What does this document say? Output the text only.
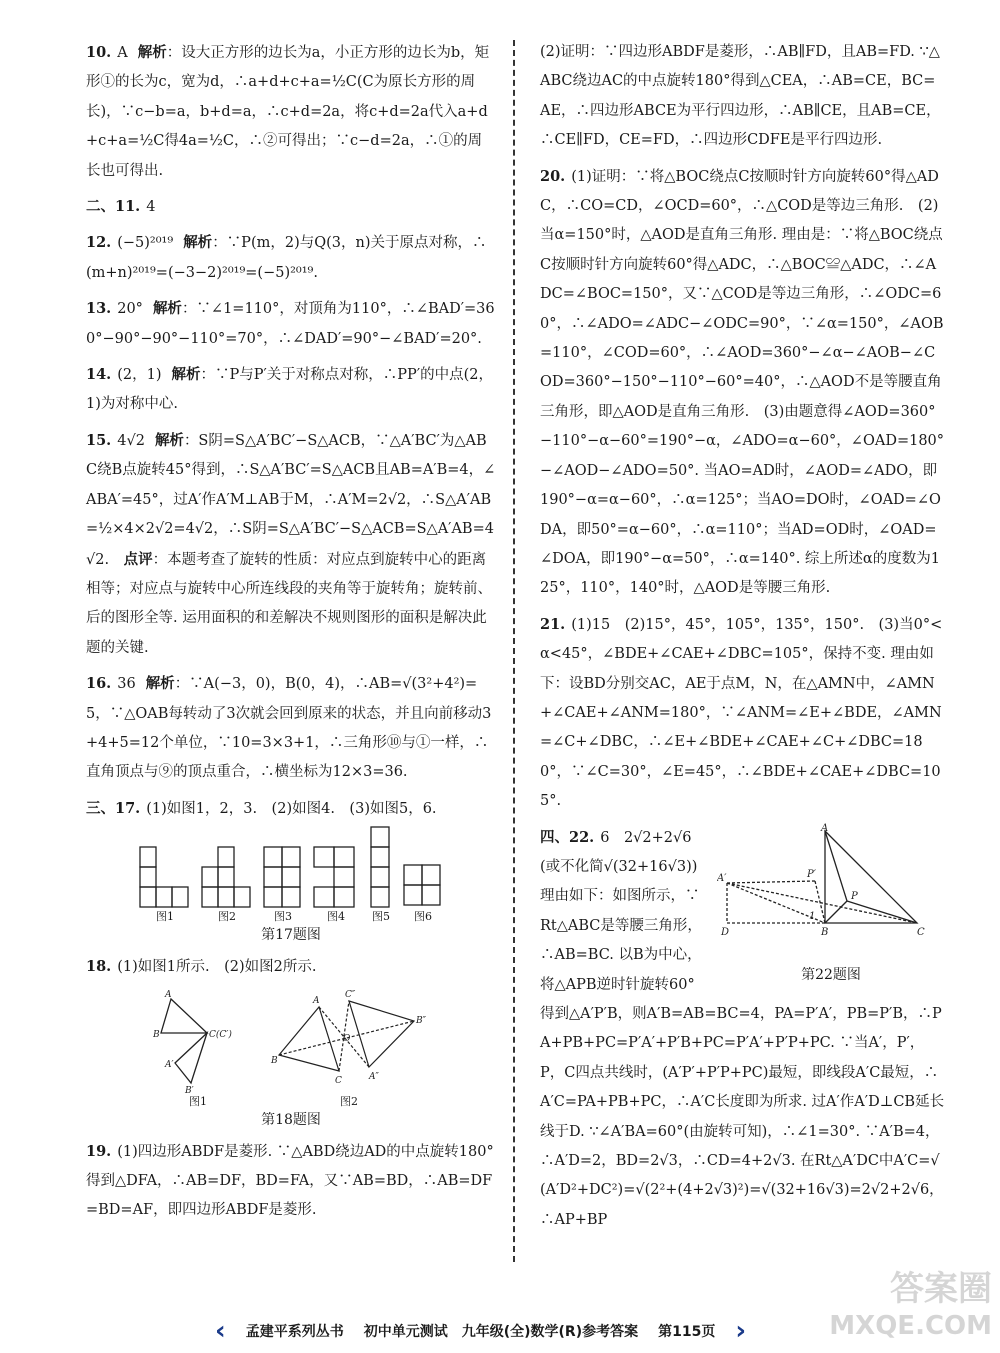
10. A 解析：设大正方形的边长为a，小正方形的边长为b，矩形①的长为c，宽为d，∴a+d+c+a=½C(C为原长方形的周长)，∵c−b=a，b+d=a，∴c+d=2a，将c+d=2a代入a+d+c+a=½C得4a=½C，∴②可得出；∵c−d=2a，∴①的周长也可得出.
二、11. 4
12. (−5)²⁰¹⁹ 解析：∵P(m，2)与Q(3，n)关于原点对称，∴(m+n)²⁰¹⁹=(−3−2)²⁰¹⁹=(−5)²⁰¹⁹.
13. 20° 解析：∵∠1=110°，对顶角为110°，∴∠BAD′=360°−90°−90°−110°=70°，∴∠DAD′=90°−∠BAD′=20°.
14. (2，1) 解析：∵P与P′关于对称点对称，∴PP′的中点(2，1)为对称中心.
15. 4√2 解析：S阴=S△A′BC′−S△ACB，∵△A′BC′为△ABC绕B点旋转45°得到，∴S△A′BC′=S△ACB且AB=A′B=4，∠ABA′=45°，过A′作A′M⊥AB于M，∴A′M=2√2，∴S△A′AB=½×4×2√2=4√2，∴S阴=S△A′BC′−S△ACB=S△A′AB=4√2.　 点评：本题考查了旋转的性质：对应点到旋转中心的距离相等；对应点与旋转中心所连线段的夹角等于旋转角；旋转前、后的图形全等. 运用面积的和差解决不规则图形的面积是解决此题的关键.
16. 36 解析：∵A(−3，0)，B(0，4)，∴AB=√(3²+4²)=5，∵△OAB每转动了3次就会回到原来的状态，并且向前移动3+4+5=12个单位，∵10=3×3+1，∴三角形⑩与①一样，∴直角顶点与⑨的顶点重合，∴横坐标为12×3=36.
三、17. (1)如图1，2，3.　(2)如图4.　(3)如图5，6.
图1	图2	图3	图4 图5 图6
第17题图
18. (1)如图1所示.　(2)如图2所示.
A
B	C(C′)
A′
B′
图1
A
B
C
C″
B″
A″
O
图2
第18题图
19. (1)四边形ABDF是菱形. ∵△ABD绕边AD的中点旋转180°得到△DFA，∴AB=DF，BD=FA，又∵AB=BD，∴AB=DF=BD=AF，即四边形ABDF是菱形.
(2)证明：∵四边形ABDF是菱形，∴AB∥FD，且AB=FD. ∵△ABC绕边AC的中点旋转180°得到△CEA，∴AB=CE，BC=AE，∴四边形ABCE为平行四边形，∴AB∥CE，且AB=CE，∴CE∥FD，CE=FD，∴四边形CDFE是平行四边形.
20. (1)证明：∵将△BOC绕点C按顺时针方向旋转60°得△ADC，∴CO=CD，∠OCD=60°，∴△COD是等边三角形.　(2)当α=150°时，△AOD是直角三角形. 理由是：∵将△BOC绕点C按顺时针方向旋转60°得△ADC，∴△BOC≌△ADC，∴∠ADC=∠BOC=150°，又∵△COD是等边三角形，∴∠ODC=60°，∴∠ADO=∠ADC−∠ODC=90°，∵∠α=150°，∠AOB=110°，∠COD=60°，∴∠AOD=360°−∠α−∠AOB−∠COD=360°−150°−110°−60°=40°，∴△AOD不是等腰直角三角形，即△AOD是直角三角形.　(3)由题意得∠AOD=360°−110°−α−60°=190°−α，∠ADO=α−60°，∠OAD=180°−∠AOD−∠ADO=50°. 当AO=AD时，∠AOD=∠ADO，即190°−α=α−60°，∴α=125°；当AO=DO时，∠OAD=∠ODA，即50°=α−60°，∴α=110°；当AD=OD时，∠OAD=∠DOA，即190°−α=50°，∴α=140°. 综上所述α的度数为125°，110°，140°时，△AOD是等腰三角形.
21. (1)15　(2)15°，45°，105°，135°，150°.　(3)当0°<α<45°，∠BDE+∠CAE+∠DBC=105°，保持不变. 理由如下：设BD分别交AC，AE于点M，N，在△AMN中，∠AMN+∠CAE+∠ANM=180°，∵∠ANM=∠E+∠BDE，∠AMN=∠C+∠DBC，∴∠E+∠BDE+∠CAE+∠C+∠DBC=180°，∵∠C=30°，∠E=45°，∴∠BDE+∠CAE+∠DBC=105°.
A
A′	P′
P
D	B	C
1
第22题图
四、22. 6　2√2+2√6(或不化简√(32+16√3))理由如下：如图所示，∵Rt△ABC是等腰三角形，∴AB=BC. 以B为中心，将△APB逆时针旋转60°得到△A′P′B，则A′B=AB=BC=4，PA=P′A′，PB=P′B，∴PA+PB+PC=P′A′+P′B+PC=P′A′+P′P+PC. ∵当A′，P′，P，C四点共线时，(A′P′+P′P+PC)最短，即线段A′C最短，∴A′C=PA+PB+PC，∴A′C长度即为所求. 过A′作A′D⊥CB延长线于D. ∵∠A′BA=60°(由旋转可知)，∴∠1=30°. ∵A′B=4，∴A′D=2，BD=2√3，∴CD=4+2√3. 在Rt△A′DC中A′C=√(A′D²+DC²)=√(2²+(4+2√3)²)=√(32+16√3)=2√2+2√6，∴AP+BP
‹ 孟建平系列丛书 初中单元测试　九年级(全)数学(R)参考答案 第115页 ›
答案圈
MXQE.COM
